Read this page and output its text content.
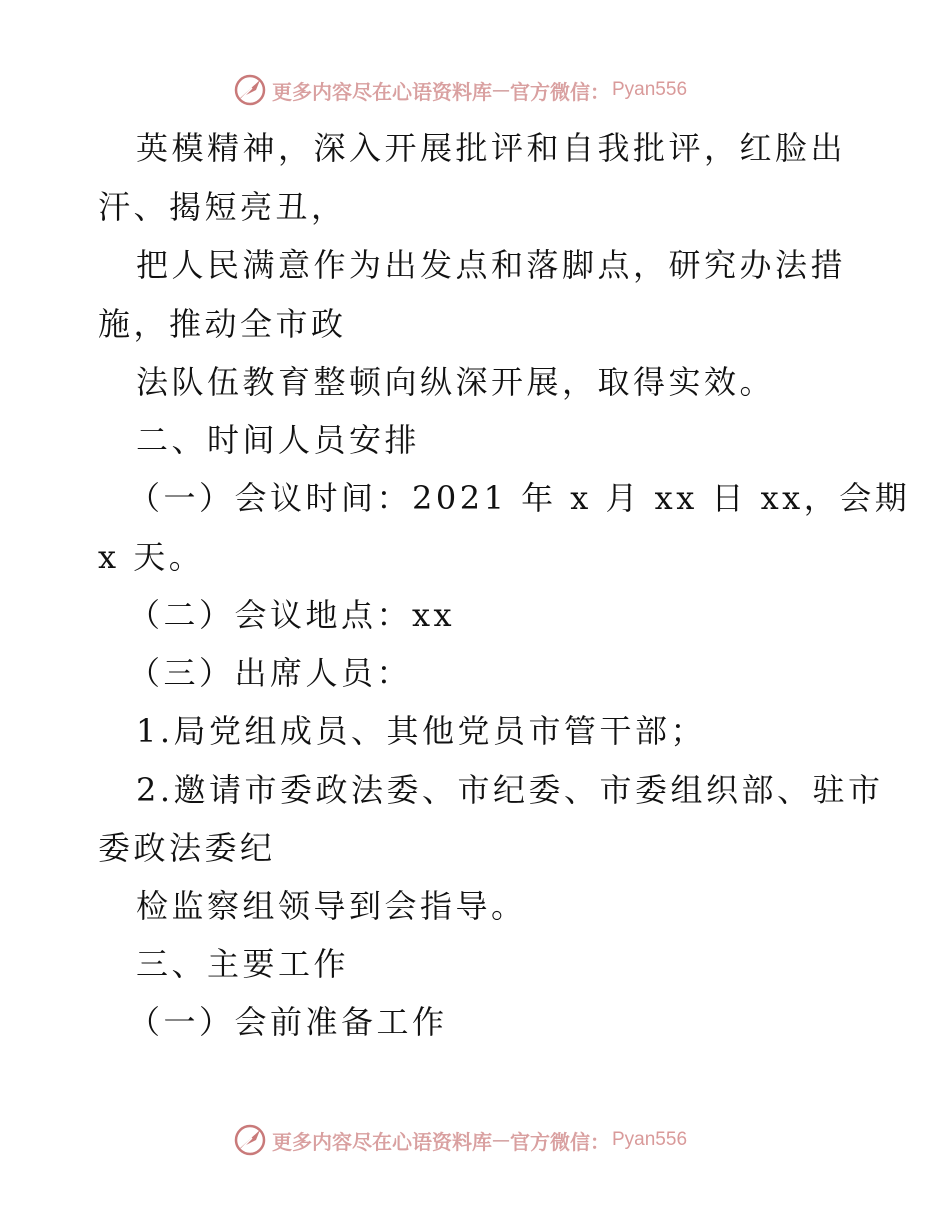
更多内容尽在心语资料库 — 官方微信： Pyan556
英模精神，深入开展批评和自我批评，红脸出
汗、揭短亮丑，
把人民满意作为出发点和落脚点，研究办法措
施，推动全市政
法队伍教育整顿向纵深开展，取得实效。
二、时间人员安排
（一）会议时间：2021 年 x 月 xx 日 xx，会期
x 天。
（二）会议地点：xx
（三）出席人员：
1.局党组成员、其他党员市管干部；
2.邀请市委政法委、市纪委、市委组织部、驻市
委政法委纪
检监察组领导到会指导。
三、主要工作
（一）会前准备工作
更多内容尽在心语资料库 — 官方微信： Pyan556
